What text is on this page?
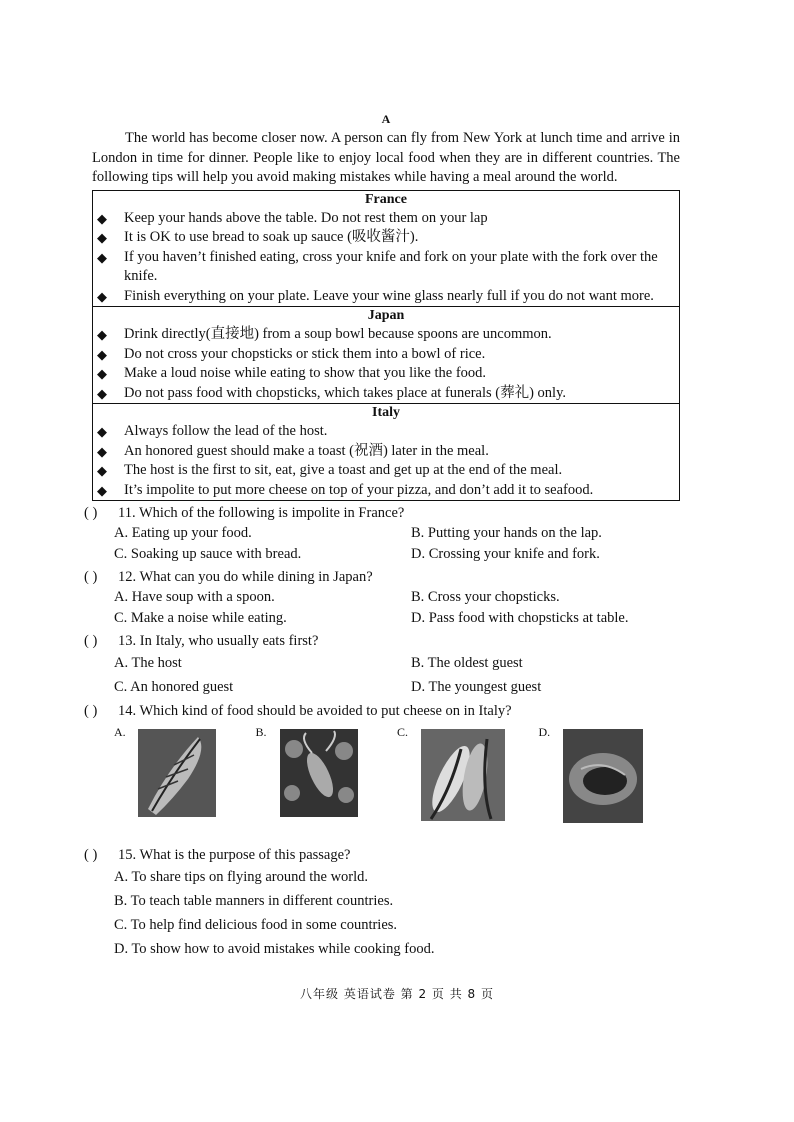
A

The world has become closer now. A person can fly from New York at lunch time and arrive in London in time for dinner. People like to enjoy local food when they are in different countries. The following tips will help you avoid making mistakes while having a meal around the world.

France
◆	Keep your hands above the table. Do not rest them on your lap
◆	It is OK to use bread to soak up sauce (吸收酱汁).
◆	If you haven’t finished eating, cross your knife and fork on your plate with the fork over the knife.
◆	Finish everything on your plate. Leave your wine glass nearly full if you do not want more.
Japan
◆	Drink directly(直接地) from a soup bowl because spoons are uncommon.
◆	Do not cross your chopsticks or stick them into a bowl of rice.
◆	Make a loud noise while eating to show that you like the food.
◆	Do not pass food with chopsticks, which takes place at funerals (葬礼) only.
Italy
◆	Always follow the lead of the host.
◆	An honored guest should make a toast (祝酒) later in the meal.
◆	The host is the first to sit, eat, give a toast and get up at the end of the meal.
◆	It’s impolite to put more cheese on top of your pizza, and don’t add it to seafood.
( )	11. Which of the following is impolite in France?
A. Eating up your food.	B. Putting your hands on the lap.
C. Soaking up sauce with bread.	D. Crossing your knife and fork.
( )	12. What can you do while dining in Japan?
A. Have soup with a spoon.	B. Cross your chopsticks.
C. Make a noise while eating.	D. Pass food with chopsticks at table.
( )	13. In Italy, who usually eats first?
A. The host	B. The oldest guest
C. An honored guest	D. The youngest guest
( )	14. Which kind of food should be avoided to put cheese on in Italy?
A.	B.	C.	D.
( )	15. What is the purpose of this passage?
A. To share tips on flying around the world.
B. To teach table manners in different countries.
C. To help find delicious food in some countries.
D. To show how to avoid mistakes while cooking food.
八年级 英语试卷 第 2 页 共 8 页
